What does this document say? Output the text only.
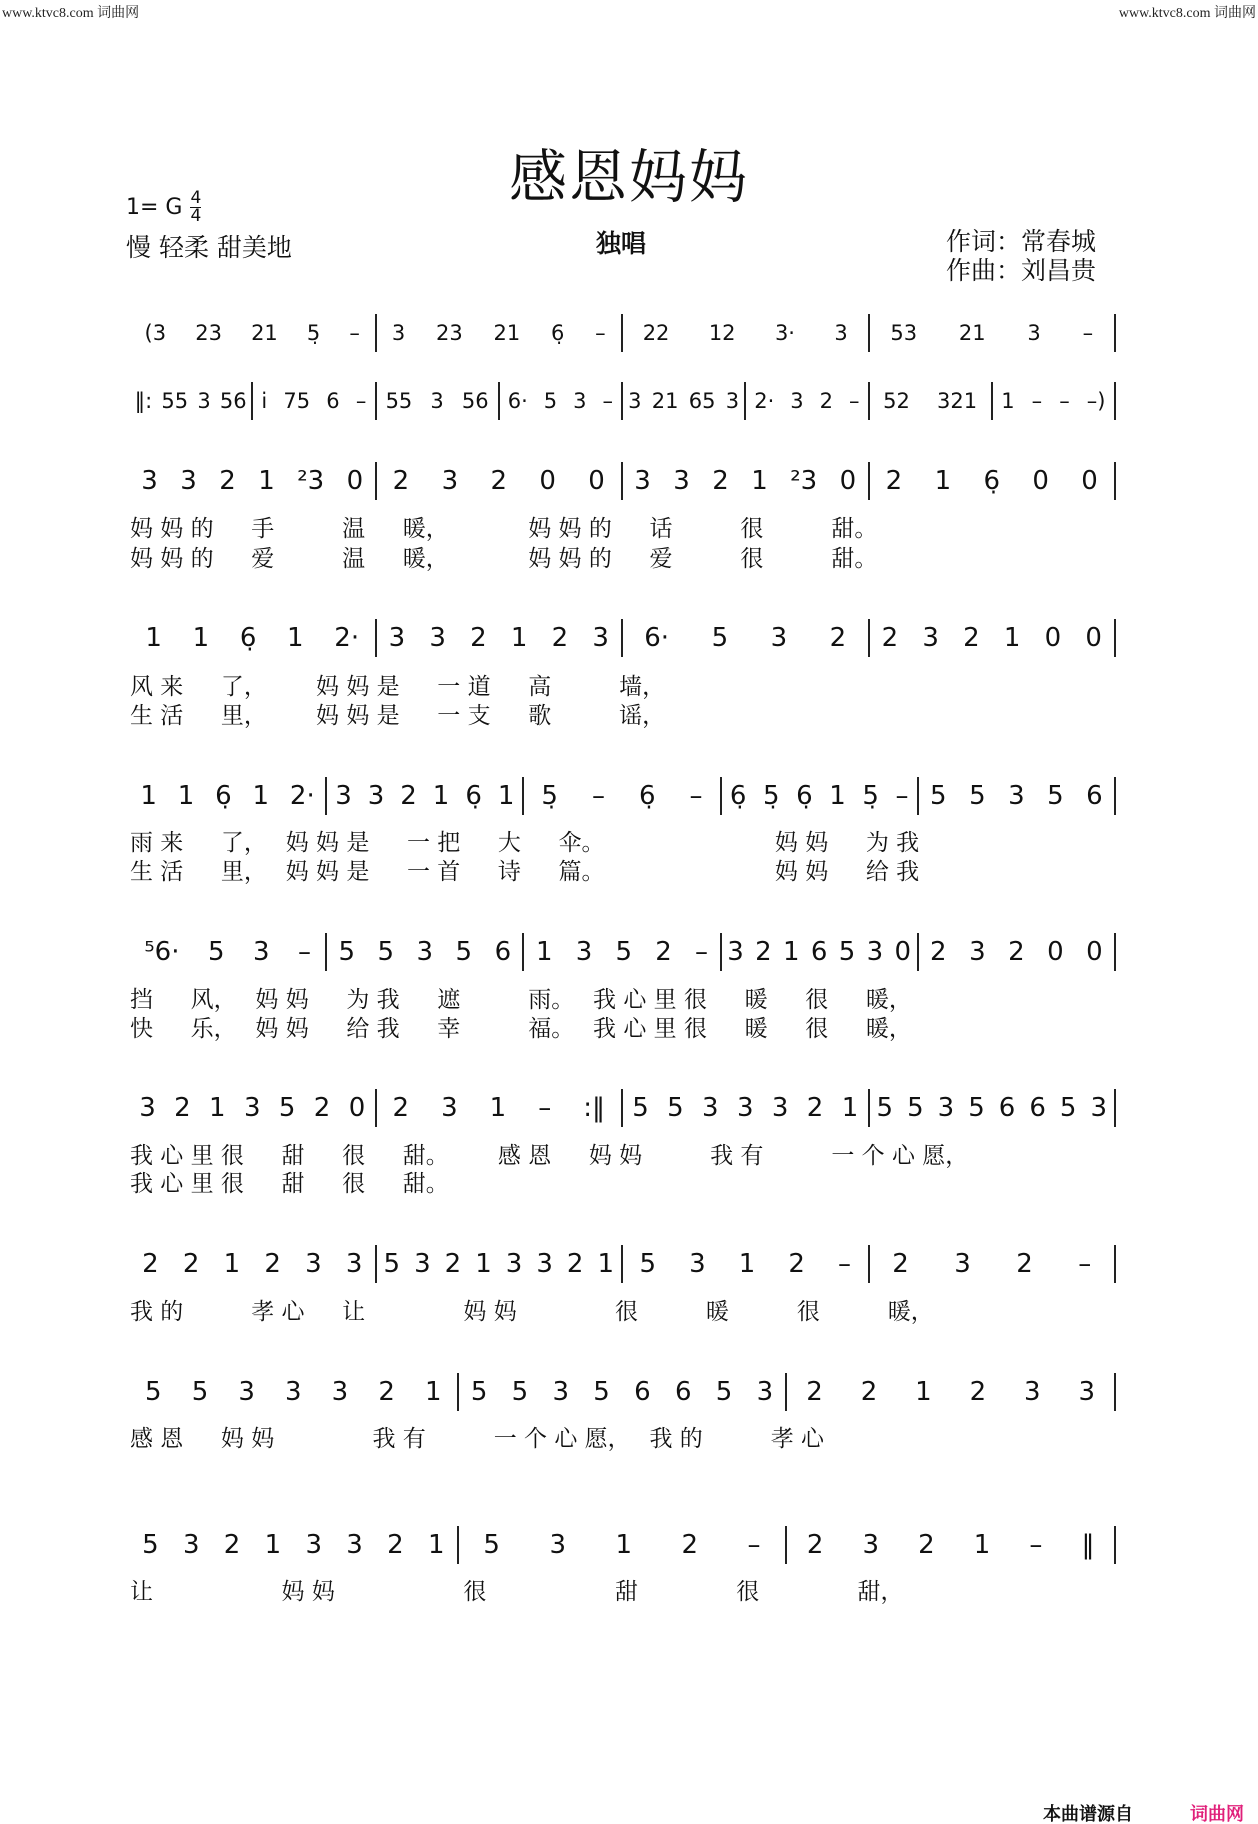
www.ktvc8.com 词曲网	www.ktvc8.com 词曲网
感恩妈妈
1= G $\frac{4}{4}$
慢 轻柔 甜美地	独唱	作词：常春城
作曲：刘昌贵
(3 23 21 5̣ – 3 23 21 6̣ – 22 12 3· 3 53 21 3 –
‖: 55 3 56 i̇ 75 6 – 55 3 56 6· 5 3 – 3 21 65 3 2· 3 2 – 52 321 1 – – –)
3 3 2 1 ²3 0 2 3 2 0 0 3 3 2 1 ²3 0 2 1 6̣ 0 0
妈 妈 的 　 手 　 　 温 　 暖，　 　 　 妈 妈 的 　 话 　 　 很 　 　 甜。
妈 妈 的 　 爱 　 　 温 　 暖，　 　 　 妈 妈 的 　 爱 　 　 很 　 　 甜。
1 1 6̣ 1 2· 3 3 2 1 2 3 6· 5 3 2 2 3 2 1 0 0
风 来 　 了，　 　 妈 妈 是 　 一 道 　 高 　 　 墙，
生 活 　 里，　 　 妈 妈 是 　 一 支 　 歌 　 　 谣，
1 1 6̣ 1 2· 3 3 2 1 6̣ 1 5̣ – 6̣ – 6̣ 5̣ 6̣ 1 5̣ – 5 5 3 5 6
雨 来 　 了，　 妈 妈 是 　 一 把 　 大 　 伞。　 　 　 　 　 　 妈 妈 　 为 我
生 活 　 里，　 妈 妈 是 　 一 首 　 诗 　 篇。　 　 　 　 　 　 妈 妈 　 给 我
⁵6· 5 3 – 5 5 3 5 6 1 3 5 2 – 3 2 1 6 5 3 0 2 3 2 0 0
挡 　 风，　 妈 妈 　 为 我 　 遮 　 　 雨。　 我 心 里 很 　 暖 　 很 　 暖，
快 　 乐，　 妈 妈 　 给 我 　 幸 　 　 福。　 我 心 里 很 　 暖 　 很 　 暖，
3 2 1 3 5 2 0 2 3 1 – :‖ 5 5 3 3 3 2 1 5 5 3 5 6 6 5 3
我 心 里 很 　 甜 　 很 　 甜。　 　 感 恩 　 妈 妈 　 　 我 有 　 　 一 个 心 愿，
我 心 里 很 　 甜 　 很 　 甜。
2 2 1 2 3 3 5 3 2 1 3 3 2 1 5 3 1 2 – 2 3 2 –
我 的 　 　 孝 心 　 让 　 　 　 妈 妈 　 　 　 很 　 　 暖 　 　 很 　 　 暖，
5 5 3 3 3 2 1 5 5 3 5 6 6 5 3 2 2 1 2 3 3
感 恩 　 妈 妈 　 　 　 我 有 　 　 一 个 心 愿，　 我 的 　 　 孝 心
5 3 2 1 3 3 2 1 5 3 1 2 – 2 3 2 1 – ‖
让 　 　 　 　 妈 妈 　 　 　 　 很 　 　 　 　 甜 　 　 　 很 　 　 　 甜，
本曲谱源自	词曲网
